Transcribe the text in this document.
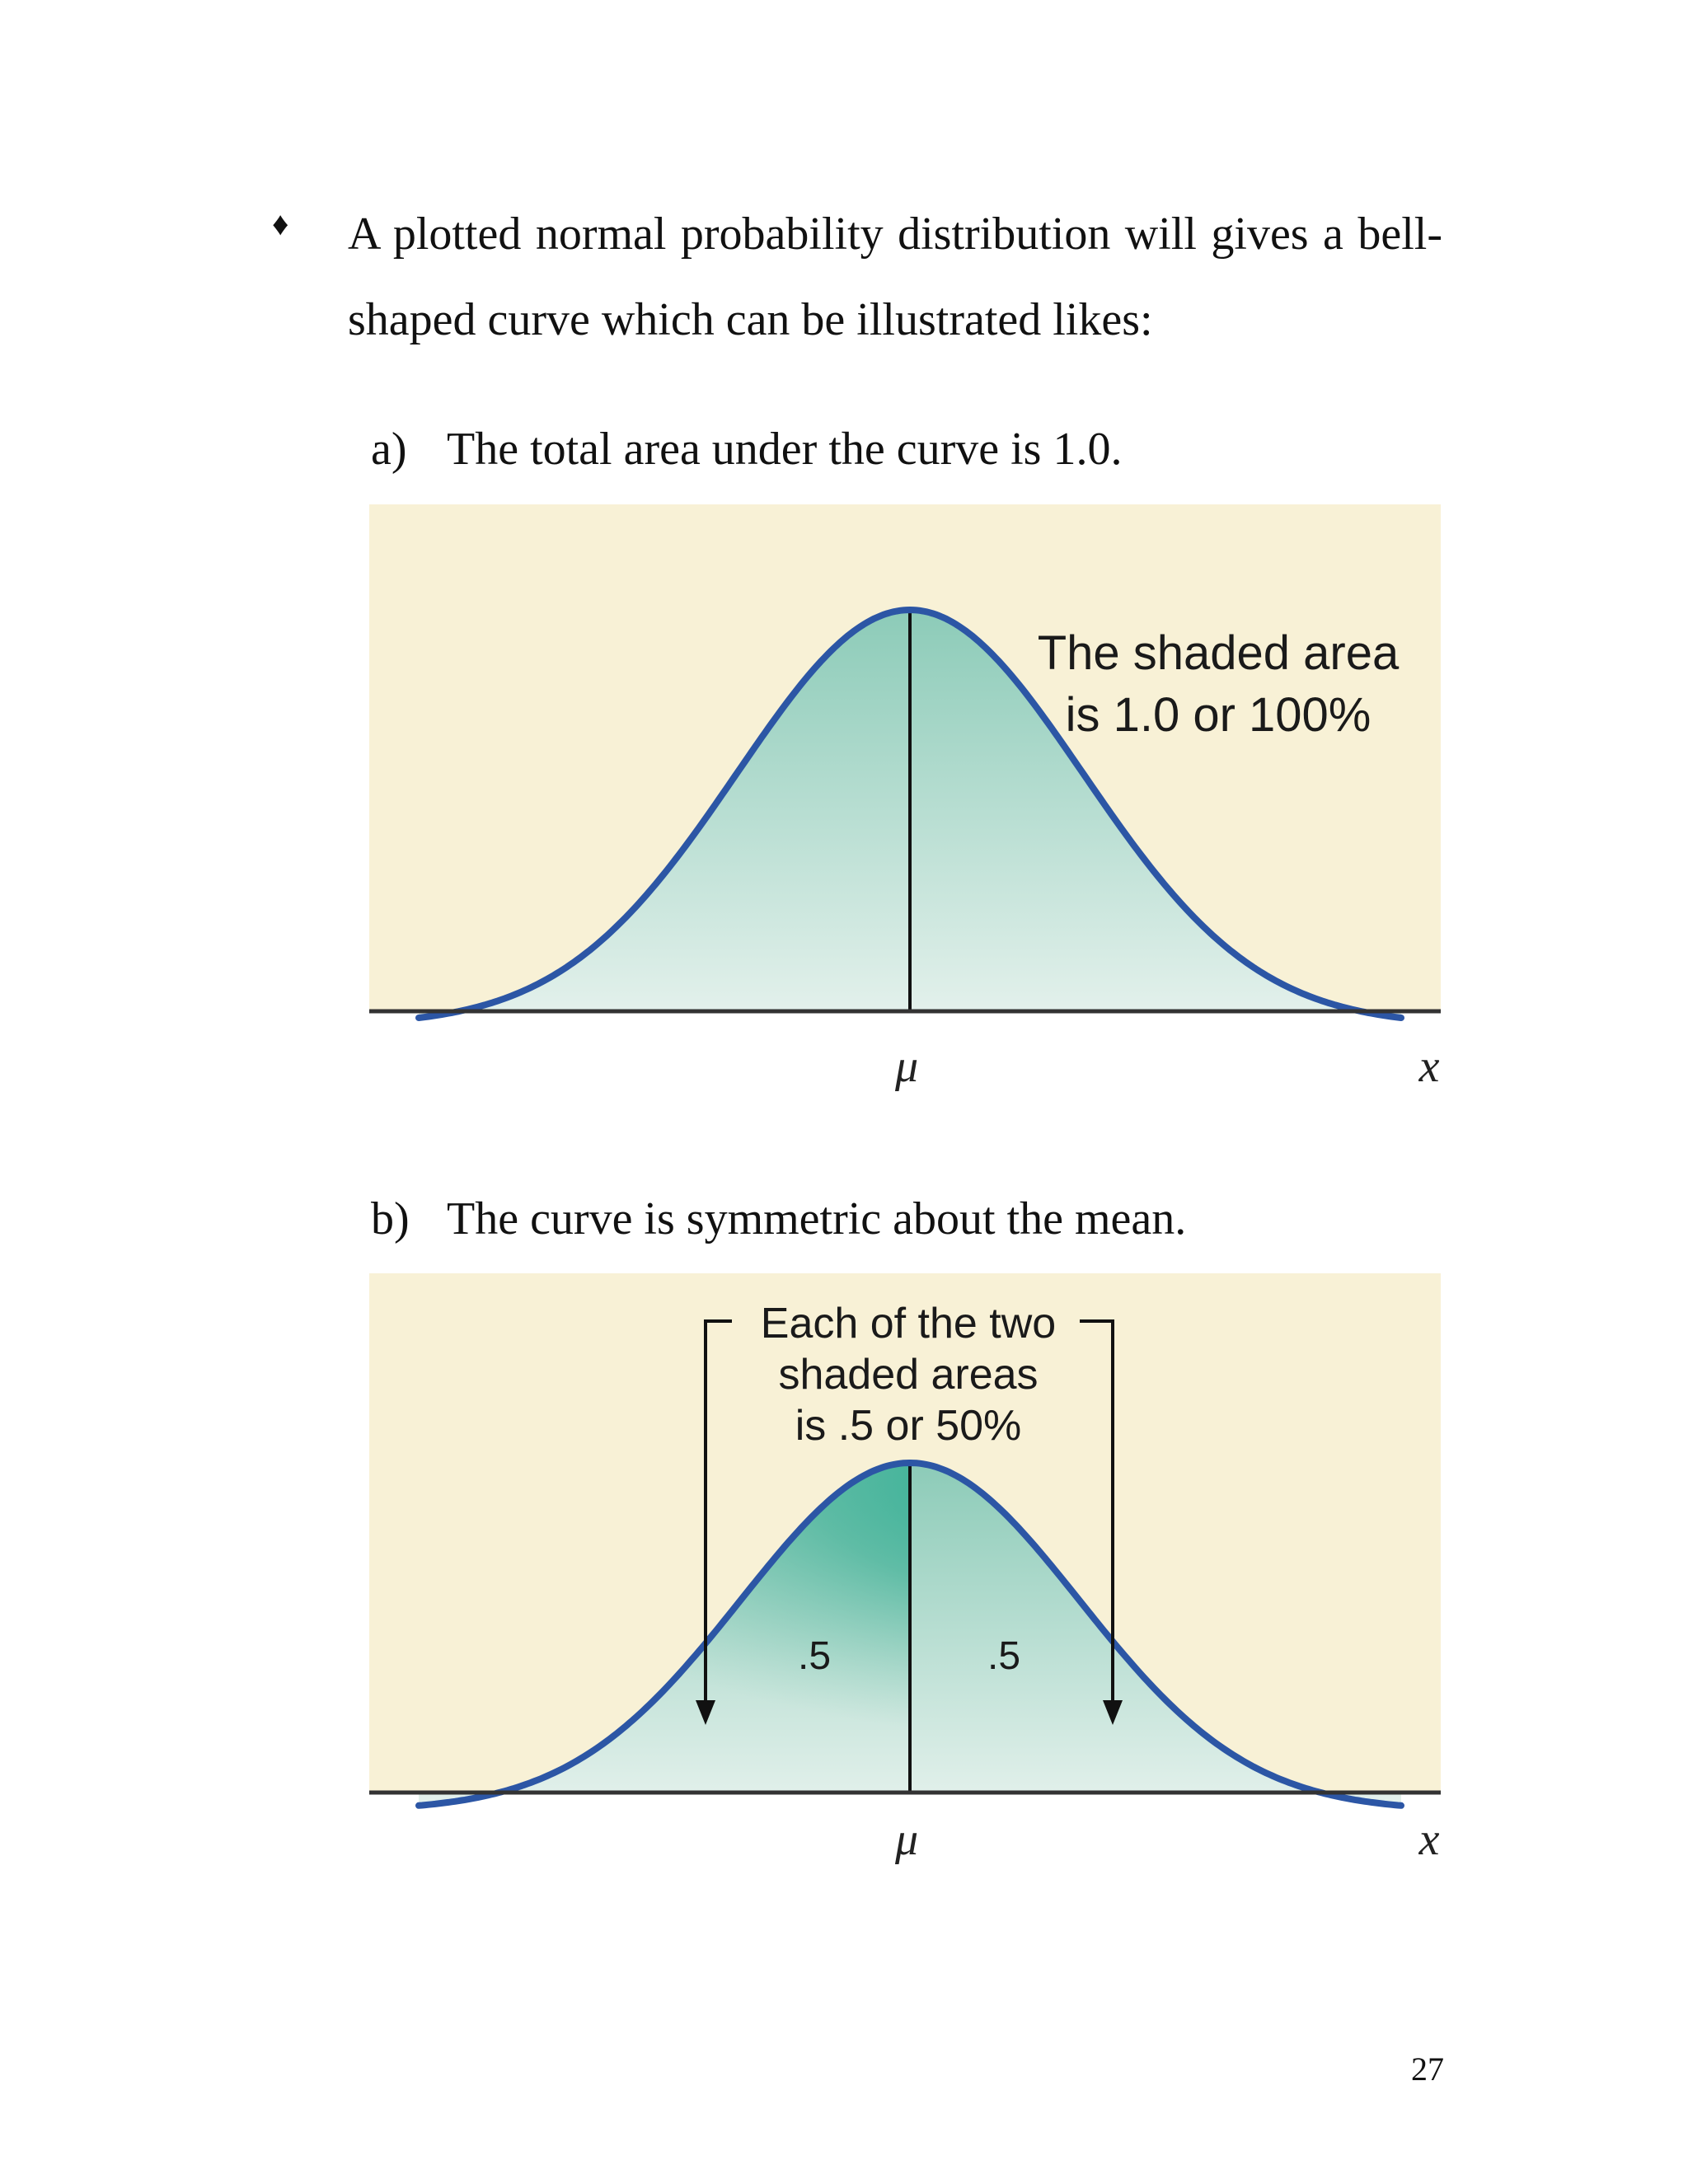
♦ A plotted normal probability distribution will gives a bell-shaped curve which can be illustrated likes:
a) The total area under the curve is 1.0.
The shaded area
is 1.0 or 100%
μ	x
b) The curve is symmetric about the mean.
Each of the two
shaded areas
is .5 or 50%
.5	.5
μ	x
27
